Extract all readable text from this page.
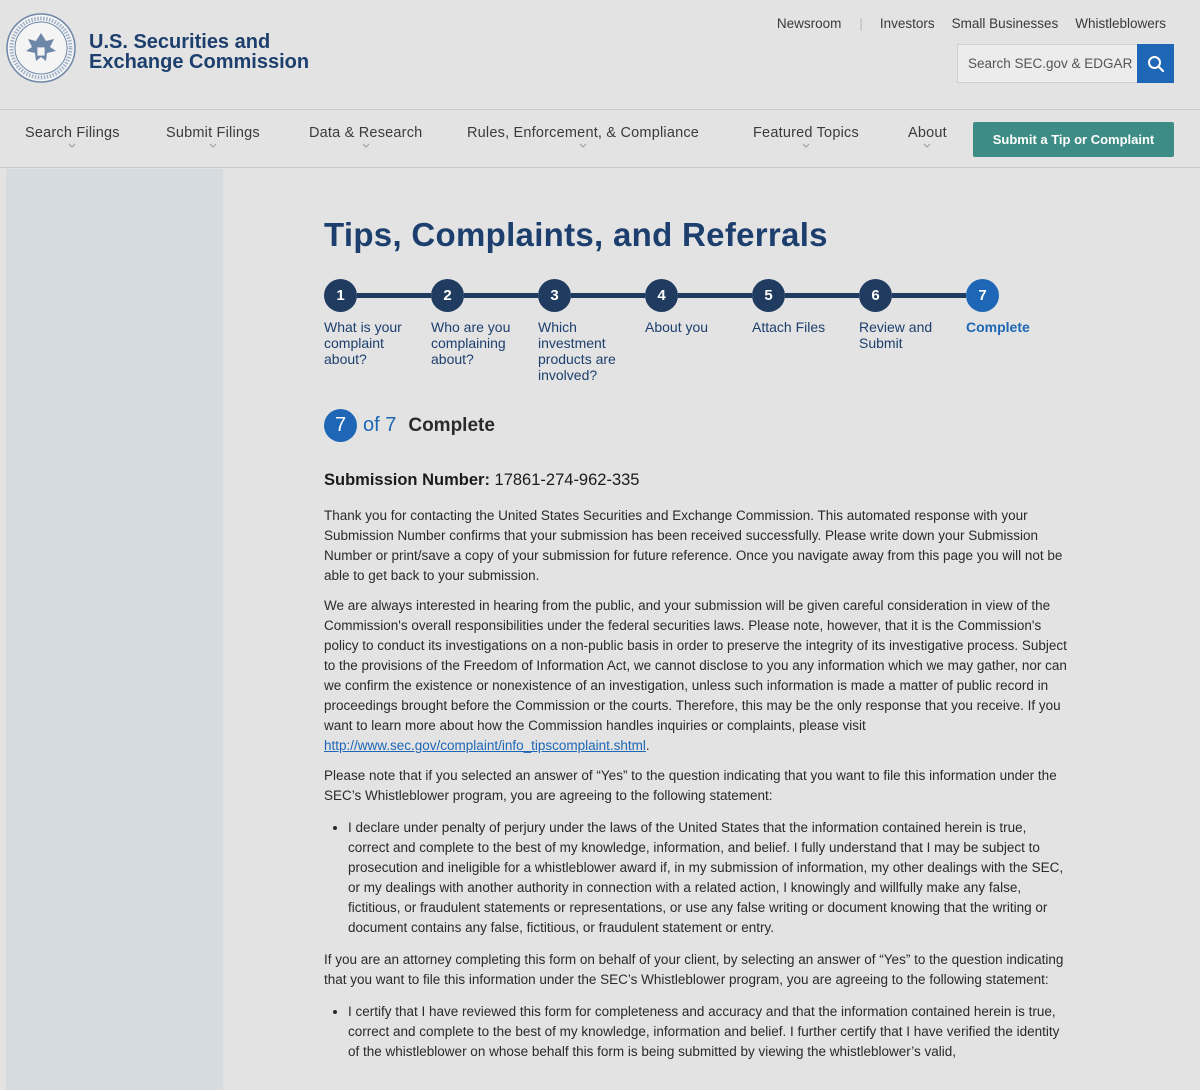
U.S. Securities and
Exchange Commission
Newsroom | Investors Small Businesses Whistleblowers
Search SEC.gov & EDGAR
Search Filings	Submit Filings	Data & Research	Rules, Enforcement, & Compliance	Featured Topics	About	Submit a Tip or Complaint
Tips, Complaints, and Referrals
1
What is your complaint about?
2
Who are you complaining about?
3
Which investment products are involved?
4
About you
5
Attach Files
6
Review and Submit
7
Complete
7 of 7 Complete
Submission Number: 17861-274-962-335

Thank you for contacting the United States Securities and Exchange Commission. This automated response with your Submission Number confirms that your submission has been received successfully. Please write down your Submission Number or print/save a copy of your submission for future reference. Once you navigate away from this page you will not be able to get back to your submission.

We are always interested in hearing from the public, and your submission will be given careful consideration in view of the Commission's overall responsibilities under the federal securities laws. Please note, however, that it is the Commission's policy to conduct its investigations on a non-public basis in order to preserve the integrity of its investigative process. Subject to the provisions of the Freedom of Information Act, we cannot disclose to you any information which we may gather, nor can we confirm the existence or nonexistence of an investigation, unless such information is made a matter of public record in proceedings brought before the Commission or the courts. Therefore, this may be the only response that you receive. If you want to learn more about how the Commission handles inquiries or complaints, please visit http://www.sec.gov/complaint/info_tipscomplaint.shtml.

Please note that if you selected an answer of “Yes” to the question indicating that you want to file this information under the SEC’s Whistleblower program, you are agreeing to the following statement:

• I declare under penalty of perjury under the laws of the United States that the information contained herein is true, correct and complete to the best of my knowledge, information, and belief. I fully understand that I may be subject to prosecution and ineligible for a whistleblower award if, in my submission of information, my other dealings with the SEC, or my dealings with another authority in connection with a related action, I knowingly and willfully make any false, fictitious, or fraudulent statements or representations, or use any false writing or document knowing that the writing or document contains any false, fictitious, or fraudulent statement or entry.

If you are an attorney completing this form on behalf of your client, by selecting an answer of “Yes” to the question indicating that you want to file this information under the SEC’s Whistleblower program, you are agreeing to the following statement:

• I certify that I have reviewed this form for completeness and accuracy and that the information contained herein is true, correct and complete to the best of my knowledge, information and belief. I further certify that I have verified the identity of the whistleblower on whose behalf this form is being submitted by viewing the whistleblower’s valid,
